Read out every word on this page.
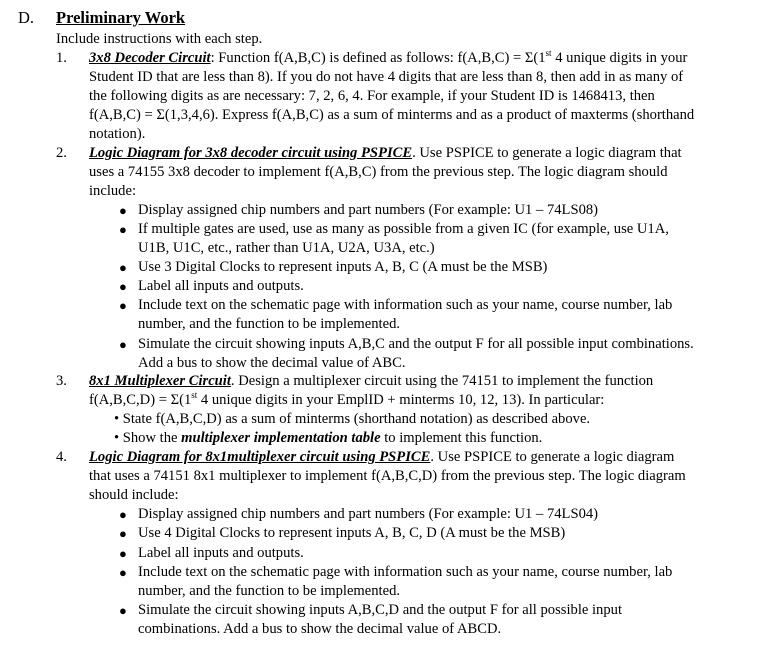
D. Preliminary Work
Include instructions with each step.
1. 3x8 Decoder Circuit: Function f(A,B,C) is defined as follows: f(A,B,C) = Σ(1st 4 unique digits in your
Student ID that are less than 8). If you do not have 4 digits that are less than 8, then add in as many of
the following digits as are necessary: 7, 2, 6, 4. For example, if your Student ID is 1468413, then
f(A,B,C) = Σ(1,3,4,6). Express f(A,B,C) as a sum of minterms and as a product of maxterms (shorthand
notation).
2. Logic Diagram for 3x8 decoder circuit using PSPICE. Use PSPICE to generate a logic diagram that
uses a 74155 3x8 decoder to implement f(A,B,C) from the previous step. The logic diagram should
include:
● Display assigned chip numbers and part numbers (For example: U1 – 74LS08)
● If multiple gates are used, use as many as possible from a given IC (for example, use U1A,
U1B, U1C, etc., rather than U1A, U2A, U3A, etc.)
● Use 3 Digital Clocks to represent inputs A, B, C (A must be the MSB)
● Label all inputs and outputs.
● Include text on the schematic page with information such as your name, course number, lab
number, and the function to be implemented.
● Simulate the circuit showing inputs A,B,C and the output F for all possible input combinations.
Add a bus to show the decimal value of ABC.
3. 8x1 Multiplexer Circuit. Design a multiplexer circuit using the 74151 to implement the function
f(A,B,C,D) = Σ(1st 4 unique digits in your EmplID + minterms 10, 12, 13). In particular:
• State f(A,B,C,D) as a sum of minterms (shorthand notation) as described above.
• Show the multiplexer implementation table to implement this function.
4. Logic Diagram for 8x1multiplexer circuit using PSPICE. Use PSPICE to generate a logic diagram
that uses a 74151 8x1 multiplexer to implement f(A,B,C,D) from the previous step. The logic diagram
should include:
● Display assigned chip numbers and part numbers (For example: U1 – 74LS04)
● Use 4 Digital Clocks to represent inputs A, B, C, D (A must be the MSB)
● Label all inputs and outputs.
● Include text on the schematic page with information such as your name, course number, lab
number, and the function to be implemented.
● Simulate the circuit showing inputs A,B,C,D and the output F for all possible input
combinations. Add a bus to show the decimal value of ABCD.
